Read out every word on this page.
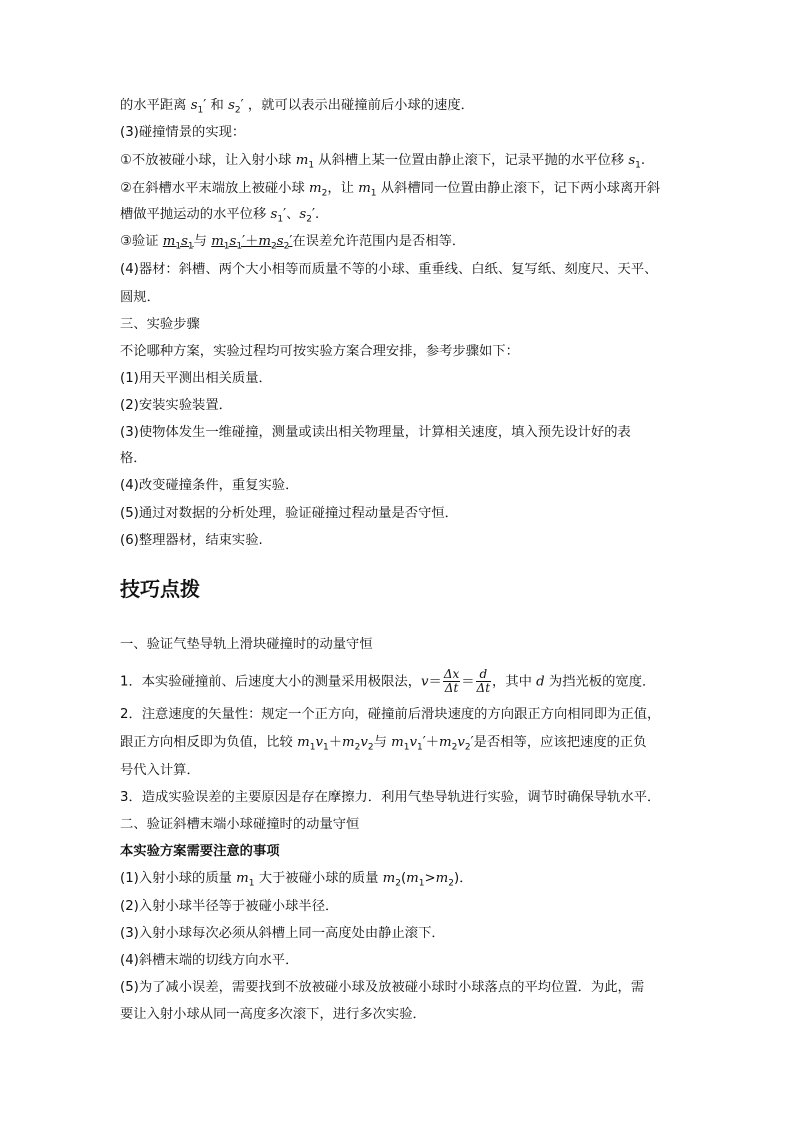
的水平距离 $s_1'$ 和 $s_2'$ ，就可以表示出碰撞前后小球的速度．
(3)碰撞情景的实现：
①不放被碰小球，让入射小球 $m_1$ 从斜槽上某一位置由静止滚下，记录平抛的水平位移 $s_1$.
②在斜槽水平末端放上被碰小球 $m_2$，让 $m_1$ 从斜槽同一位置由静止滚下，记下两小球离开斜
槽做平抛运动的水平位移 $s_1'$、$s_2'$.
③验证 $m_1s_1$与 $m_1s_1'+m_2s_2'$在误差允许范围内是否相等．
(4)器材：斜槽、两个大小相等而质量不等的小球、重垂线、白纸、复写纸、刻度尺、天平、
圆规．
三、实验步骤
不论哪种方案，实验过程均可按实验方案合理安排，参考步骤如下：
(1)用天平测出相关质量．
(2)安装实验装置．
(3)使物体发生一维碰撞，测量或读出相关物理量，计算相关速度，填入预先设计好的表
格．
(4)改变碰撞条件，重复实验．
(5)通过对数据的分析处理，验证碰撞过程动量是否守恒．
(6)整理器材，结束实验.
技巧点拨
一、验证气垫导轨上滑块碰撞时的动量守恒
1．本实验碰撞前、后速度大小的测量采用极限法，$v= \frac{\Delta x}{\Delta t} = \frac{d}{\Delta t}$ ，其中 d 为挡光板的宽度．
2．注意速度的矢量性：规定一个正方向，碰撞前后滑块速度的方向跟正方向相同即为正值，
跟正方向相反即为负值，比较 $m_1v_1+m_2v_2$与 $m_1v_1'+m_2v_2'$是否相等，应该把速度的正负
号代入计算．
3．造成实验误差的主要原因是存在摩擦力．利用气垫导轨进行实验，调节时确保导轨水平．
二、验证斜槽末端小球碰撞时的动量守恒
本实验方案需要注意的事项
(1)入射小球的质量 $m_1$ 大于被碰小球的质量 $m_2(m_1>m_2)$．
(2)入射小球半径等于被碰小球半径．
(3)入射小球每次必须从斜槽上同一高度处由静止滚下．
(4)斜槽末端的切线方向水平．
(5)为了减小误差，需要找到不放被碰小球及放被碰小球时小球落点的平均位置．为此，需
要让入射小球从同一高度多次滚下，进行多次实验．
